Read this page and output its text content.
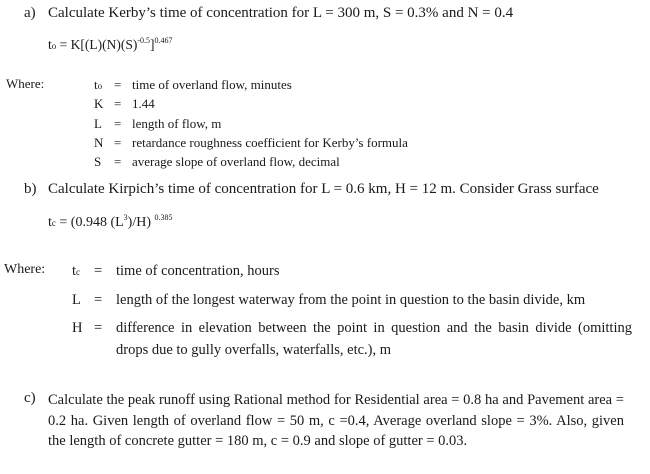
a) Calculate Kerby’s time of concentration for L = 300 m, S = 0.3% and N = 0.4
to = $K[(L)(N)(S)^{-0.5}]^{0.467}$
Where:	to = time of overland flow, minutes
K = 1.44
L = length of flow, m
N = retardance roughness coefficient for Kerby’s formula
S = average slope of overland flow, decimal
b) Calculate Kirpich’s time of concentration for L = 0.6 km, H = 12 m. Consider Grass surface
tc = (0.948 $(L^3)/H$) $^{0.385}$
Where: tc = time of concentration, hours
L = length of the longest waterway from the point in question to the basin divide, km
H = difference in elevation between the point in question and the basin divide (omitting drops due to gully overfalls, waterfalls, etc.), m
c) Calculate the peak runoff using Rational method for Residential area = 0.8 ha and Pavement area = 0.2 ha. Given length of overland flow = 50 m, c =0.4, Average overland slope = 3%. Also, given the length of concrete gutter = 180 m, c = 0.9 and slope of gutter = 0.03.
